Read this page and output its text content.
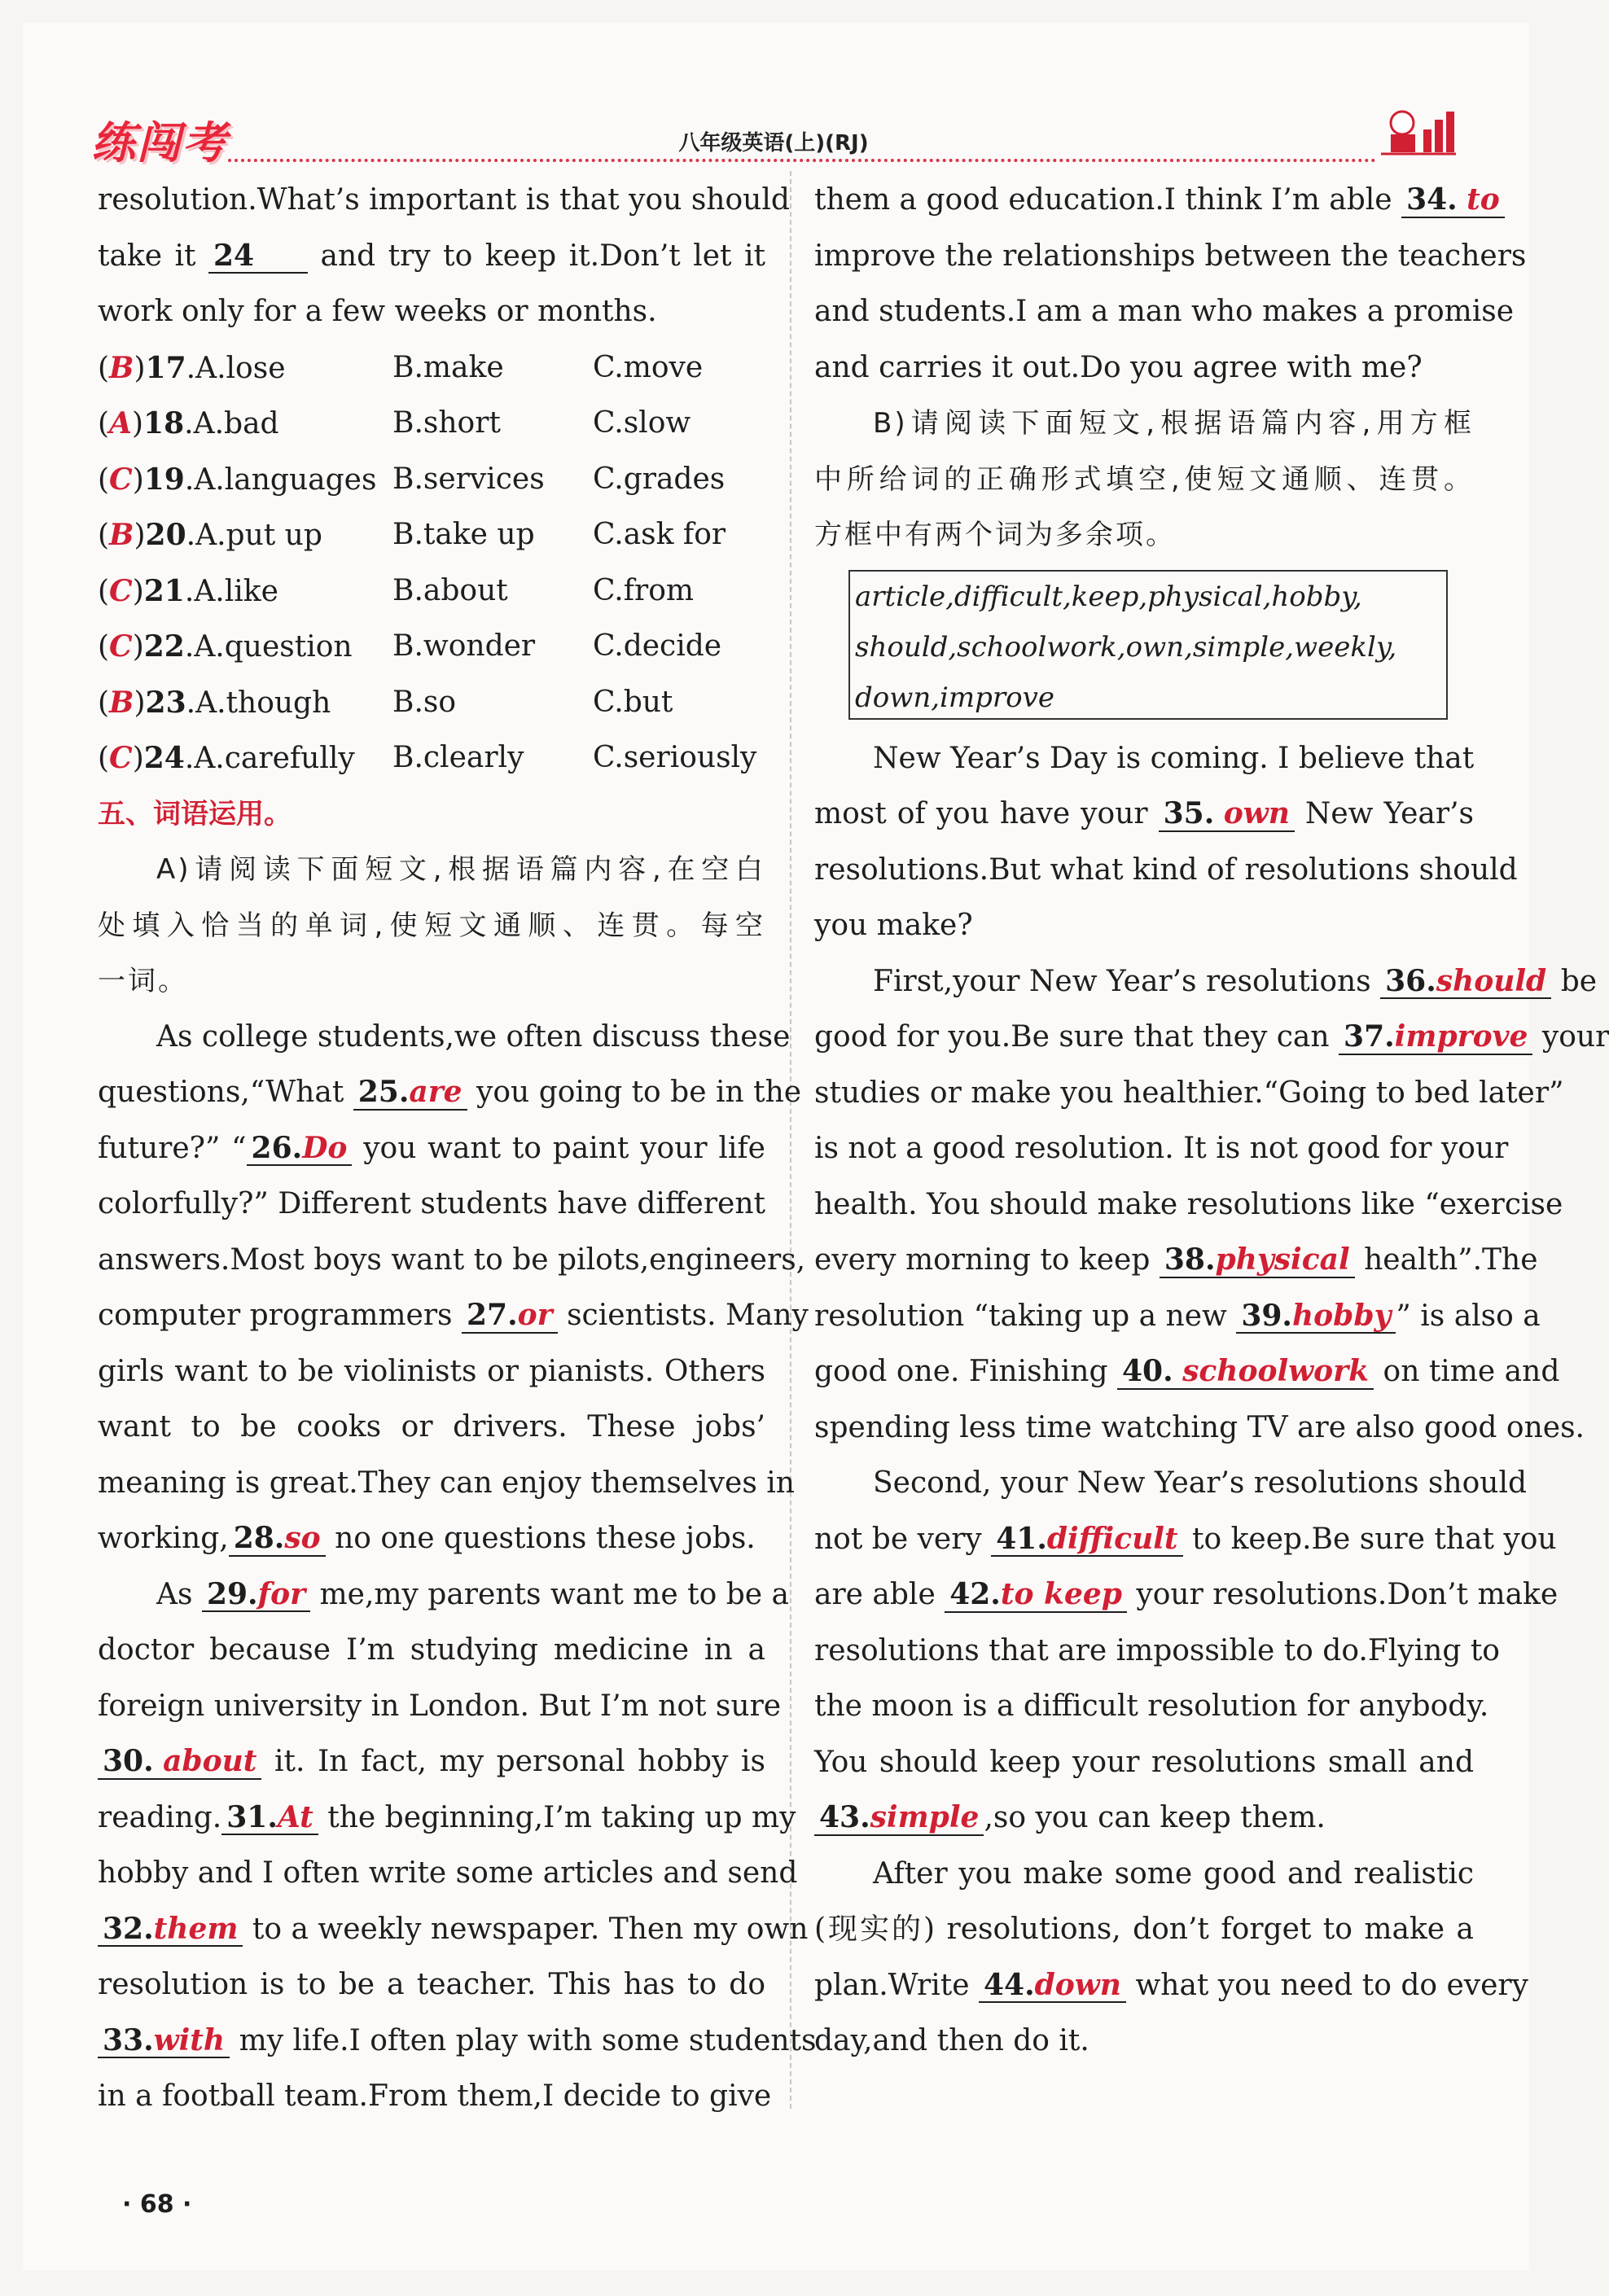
练闯考	八年级英语(上)(RJ)
resolution.What’s important is that you should
take it 24 and try to keep it.Don’t let it
work only for a few weeks or months.
(B)17.A.lose	B.make	C.move
(A)18.A.bad	B.short	C.slow
(C)19.A.languages B.services	C.grades
(B)20.A.put up	B.take up	C.ask for
(C)21.A.like	B.about	C.from
(C)22.A.question	B.wonder	C.decide
(B)23.A.though	B.so	C.but
(C)24.A.carefully	B.clearly	C.seriously
五、词语运用。
A)请阅读下面短文,根据语篇内容,在空白
处填入恰当的单词,使短文通顺、连贯。每空
一词。
As college students,we often discuss these
questions,“What 25.are you going to be in the
future?” “ 26.Do you want to paint your life
colorfully?” Different students have different
answers.Most boys want to be pilots,engineers,
computer programmers 27.or scientists. Many
girls want to be violinists or pianists. Others
want to be cooks or drivers. These jobs’
meaning is great.They can enjoy themselves in
working, 28.so no one questions these jobs.
As 29.for me,my parents want me to be a
doctor because I’m studying medicine in a
foreign university in London. But I’m not sure
30. about it. In fact, my personal hobby is
reading. 31.At the beginning,I’m taking up my
hobby and I often write some articles and send
32.them to a weekly newspaper. Then my own
resolution is to be a teacher. This has to do
33.with my life.I often play with some students
in a football team.From them,I decide to give
them a good education.I think I’m able 34. to
improve the relationships between the teachers
and students.I am a man who makes a promise
and carries it out.Do you agree with me?
B)请阅读下面短文,根据语篇内容,用方框
中所给词的正确形式填空,使短文通顺、连贯。
方框中有两个词为多余项。
article,difficult,keep,physical,hobby,
should,schoolwork,own,simple,weekly,
down,improve
New Year’s Day is coming. I believe that
most of you have your 35. own New Year’s
resolutions.But what kind of resolutions should
you make?
First,your New Year’s resolutions 36.should be
good for you.Be sure that they can 37.improve your
studies or make you healthier.“Going to bed later”
is not a good resolution. It is not good for your
health. You should make resolutions like “exercise
every morning to keep 38.physical health”.The
resolution “taking up a new 39.hobby ” is also a
good one. Finishing 40. schoolwork on time and
spending less time watching TV are also good ones.
Second, your New Year’s resolutions should
not be very 41.difficult to keep.Be sure that you
are able 42.to keep your resolutions.Don’t make
resolutions that are impossible to do.Flying to
the moon is a difficult resolution for anybody.
You should keep your resolutions small and
43.simple ,so you can keep them.
After you make some good and realistic
(现实的) resolutions, don’t forget to make a
plan.Write 44.down what you need to do every
day,and then do it.
· 68 ·
